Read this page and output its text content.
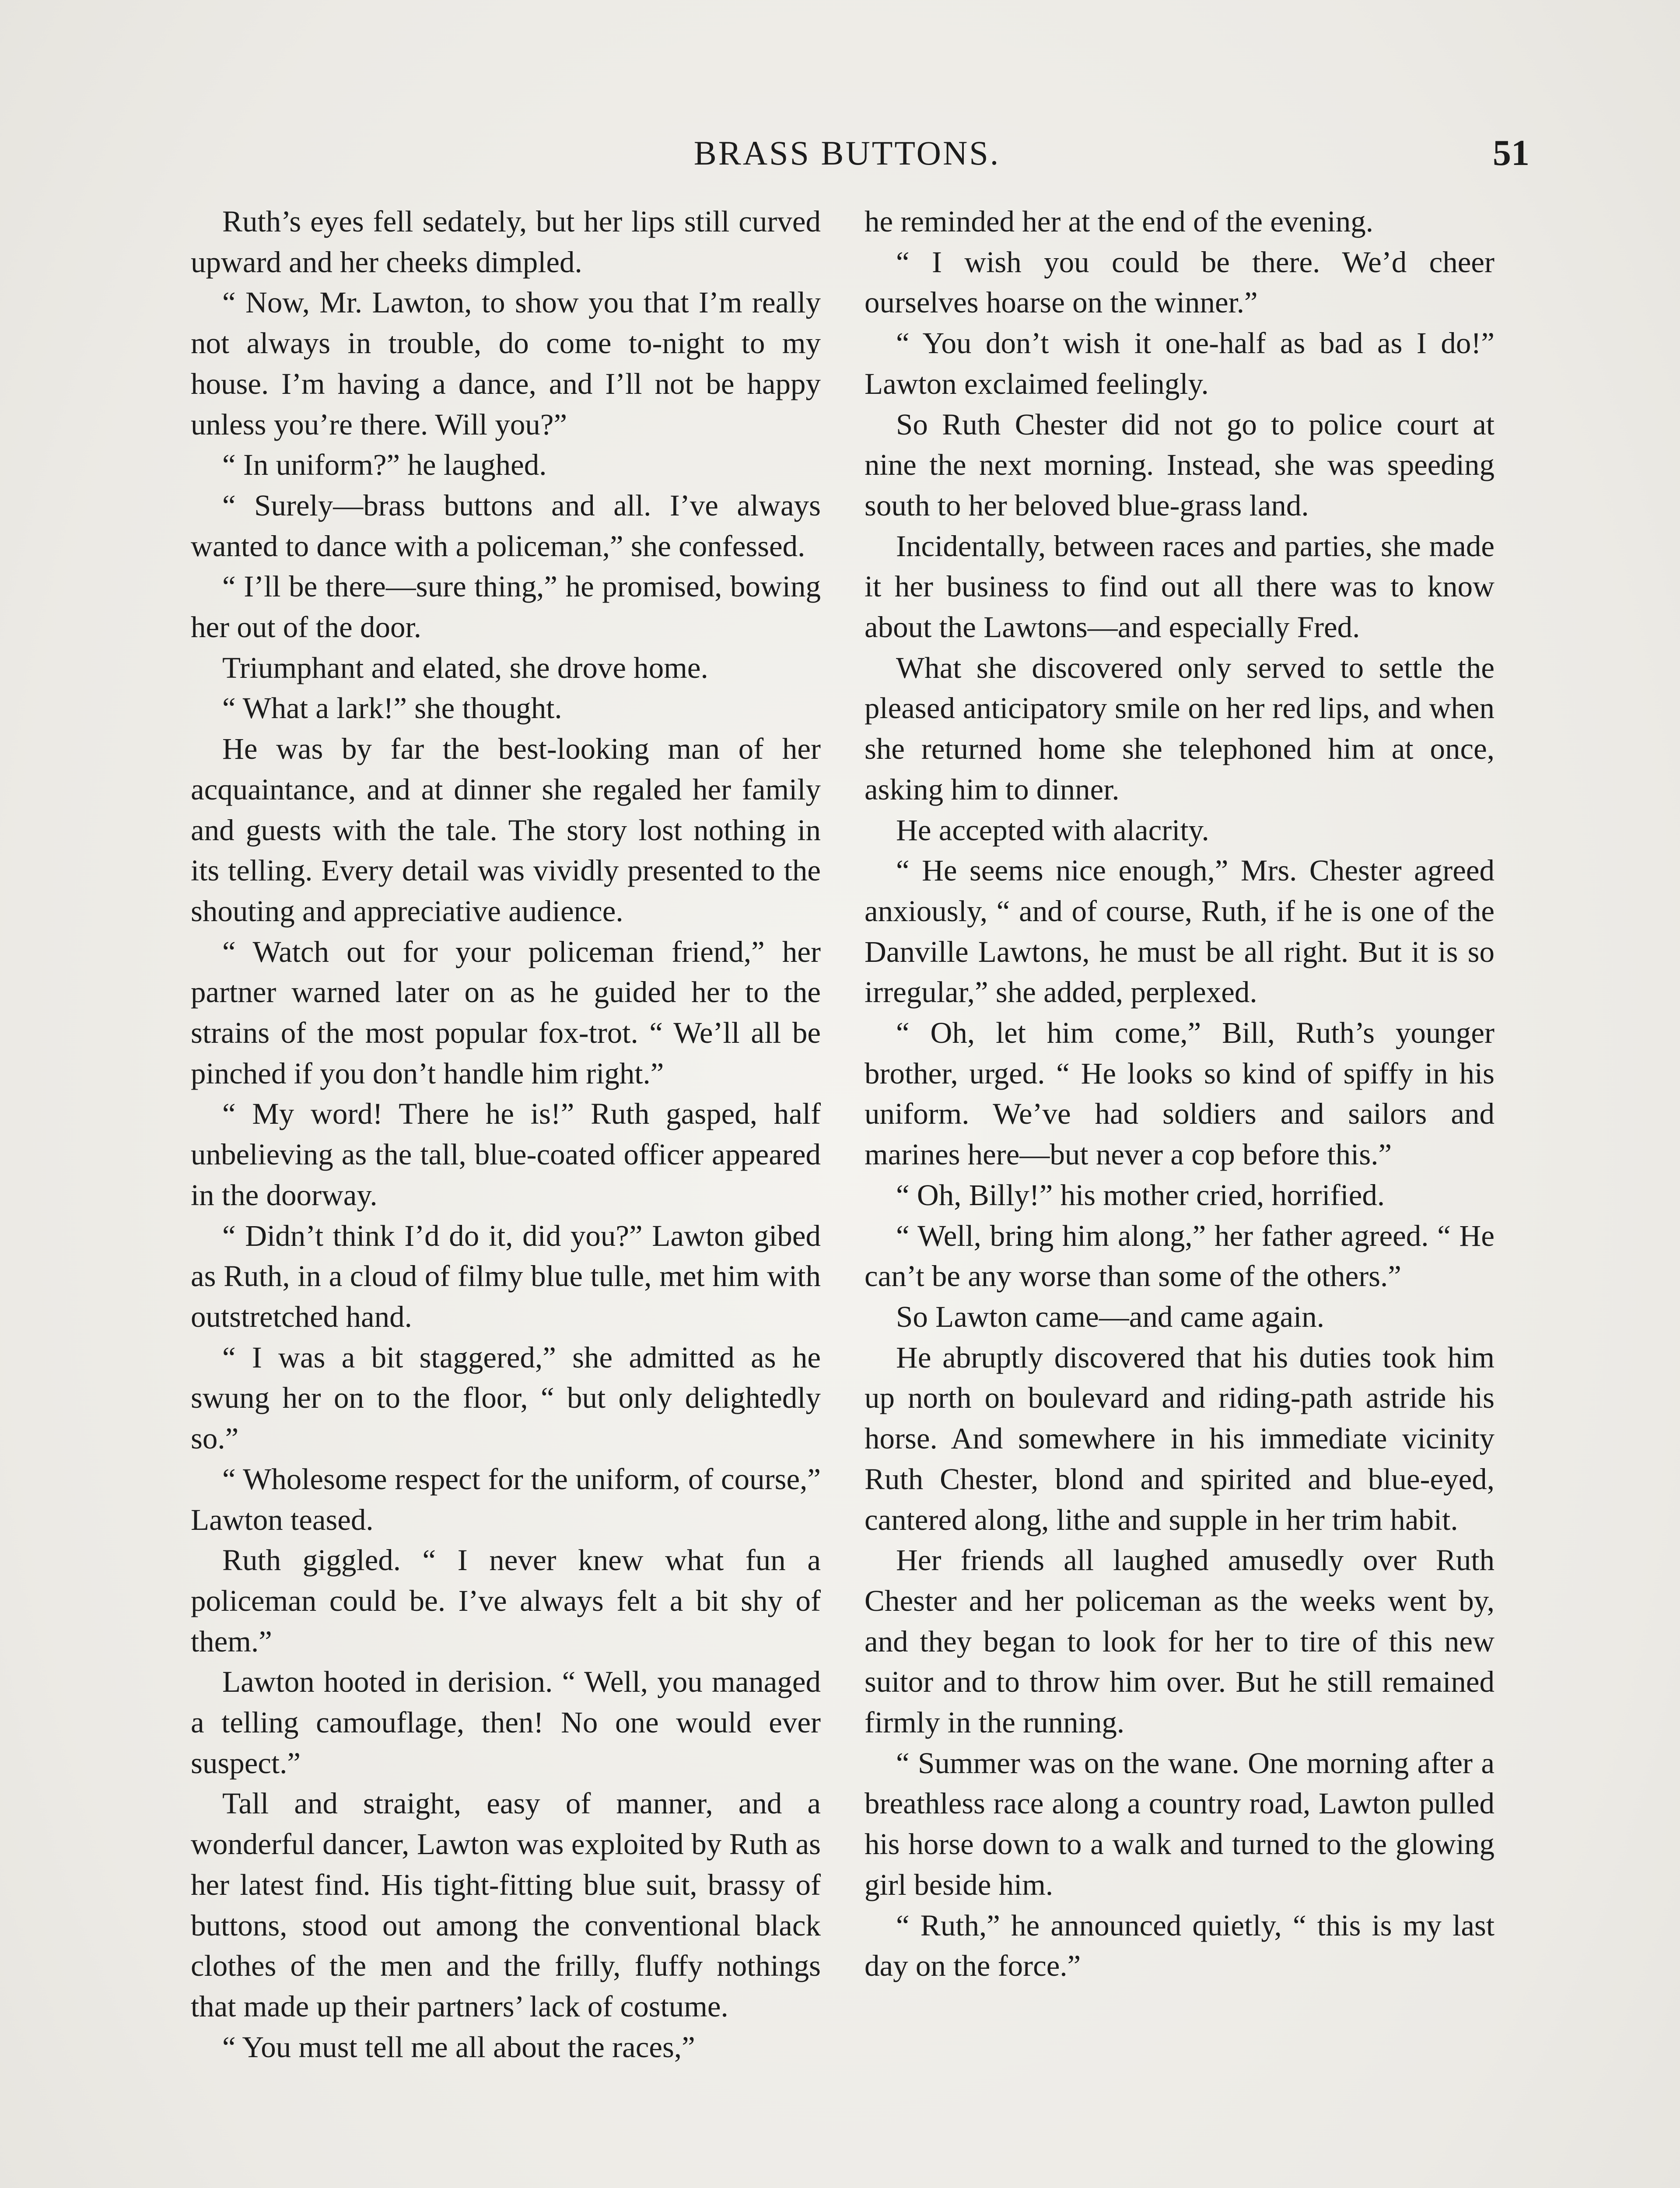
BRASS BUTTONS.	51

Ruth’s eyes fell sedately, but her lips still curved upward and her cheeks dimpled.

“ Now, Mr. Lawton, to show you that I’m really not always in trouble, do come to-night to my house. I’m having a dance, and I’ll not be happy unless you’re there. Will you?”

“ In uniform?” he laughed.

“ Surely—brass buttons and all. I’ve always wanted to dance with a policeman,” she confessed.

“ I’ll be there—sure thing,” he promised, bowing her out of the door.

Triumphant and elated, she drove home.

“ What a lark!” she thought.

He was by far the best-looking man of her acquaintance, and at dinner she regaled her family and guests with the tale. The story lost nothing in its telling. Every detail was vividly presented to the shouting and appreciative audience.

“ Watch out for your policeman friend,” her partner warned later on as he guided her to the strains of the most popular fox-trot. “ We’ll all be pinched if you don’t handle him right.”

“ My word! There he is!” Ruth gasped, half unbelieving as the tall, blue-coated officer appeared in the doorway.

“ Didn’t think I’d do it, did you?” Lawton gibed as Ruth, in a cloud of filmy blue tulle, met him with outstretched hand.

“ I was a bit staggered,” she admitted as he swung her on to the floor, “ but only delightedly so.”

“ Wholesome respect for the uniform, of course,” Lawton teased.

Ruth giggled. “ I never knew what fun a policeman could be. I’ve always felt a bit shy of them.”

Lawton hooted in derision. “ Well, you managed a telling camouflage, then! No one would ever suspect.”

Tall and straight, easy of manner, and a wonderful dancer, Lawton was exploited by Ruth as her latest find. His tight-fitting blue suit, brassy of buttons, stood out among the conventional black clothes of the men and the frilly, fluffy nothings that made up their partners’ lack of costume.

“ You must tell me all about the races,”

he reminded her at the end of the evening.

“ I wish you could be there. We’d cheer ourselves hoarse on the winner.”

“ You don’t wish it one-half as bad as I do!” Lawton exclaimed feelingly.

So Ruth Chester did not go to police court at nine the next morning. Instead, she was speeding south to her beloved blue-grass land.

Incidentally, between races and parties, she made it her business to find out all there was to know about the Lawtons—and especially Fred.

What she discovered only served to settle the pleased anticipatory smile on her red lips, and when she returned home she telephoned him at once, asking him to dinner.

He accepted with alacrity.

“ He seems nice enough,” Mrs. Chester agreed anxiously, “ and of course, Ruth, if he is one of the Danville Lawtons, he must be all right. But it is so irregular,” she added, perplexed.

“ Oh, let him come,” Bill, Ruth’s younger brother, urged. “ He looks so kind of spiffy in his uniform. We’ve had soldiers and sailors and marines here—but never a cop before this.”

“ Oh, Billy!” his mother cried, horrified.

“ Well, bring him along,” her father agreed. “ He can’t be any worse than some of the others.”

So Lawton came—and came again.

He abruptly discovered that his duties took him up north on boulevard and riding-path astride his horse. And somewhere in his immediate vicinity Ruth Chester, blond and spirited and blue-eyed, cantered along, lithe and supple in her trim habit.

Her friends all laughed amusedly over Ruth Chester and her policeman as the weeks went by, and they began to look for her to tire of this new suitor and to throw him over. But he still remained firmly in the running.

“ Summer was on the wane. One morning after a breathless race along a country road, Lawton pulled his horse down to a walk and turned to the glowing girl beside him.

“ Ruth,” he announced quietly, “ this is my last day on the force.”
